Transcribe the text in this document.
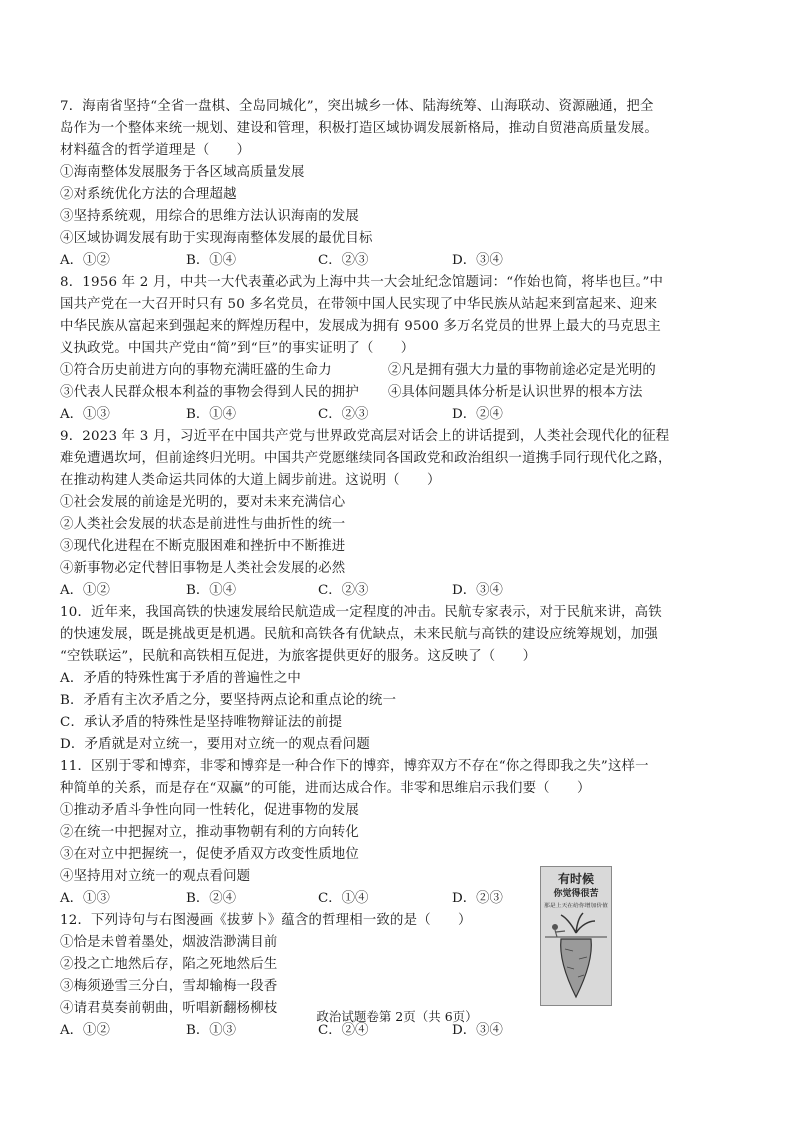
7．海南省坚持“全省一盘棋、全岛同城化”，突出城乡一体、陆海统筹、山海联动、资源融通，把全
岛作为一个整体来统一规划、建设和管理，积极打造区域协调发展新格局，推动自贸港高质量发展。
材料蕴含的哲学道理是（　　）
①海南整体发展服务于各区域高质量发展
②对系统优化方法的合理超越
③坚持系统观，用综合的思维方法认识海南的发展
④区域协调发展有助于实现海南整体发展的最优目标
A．①②	B．①④	C．②③	D．③④
8．1956 年 2 月，中共一大代表董必武为上海中共一大会址纪念馆题词：“作始也简，将毕也巨。”中
国共产党在一大召开时只有 50 多名党员，在带领中国人民实现了中华民族从站起来到富起来、迎来
中华民族从富起来到强起来的辉煌历程中，发展成为拥有 9500 多万名党员的世界上最大的马克思主
义执政党。中国共产党由“简”到“巨”的事实证明了（　　）
①符合历史前进方向的事物充满旺盛的生命力	②凡是拥有强大力量的事物前途必定是光明的
③代表人民群众根本利益的事物会得到人民的拥护 ④具体问题具体分析是认识世界的根本方法
A．①③	B．①④	C．②③	D．②④
9．2023 年 3 月，习近平在中国共产党与世界政党高层对话会上的讲话提到，人类社会现代化的征程
难免遭遇坎坷，但前途终归光明。中国共产党愿继续同各国政党和政治组织一道携手同行现代化之路，
在推动构建人类命运共同体的大道上阔步前进。这说明（　　）
①社会发展的前途是光明的，要对未来充满信心
②人类社会发展的状态是前进性与曲折性的统一
③现代化进程在不断克服困难和挫折中不断推进
④新事物必定代替旧事物是人类社会发展的必然
A．①②	B．①④	C．②③	D．③④
10．近年来，我国高铁的快速发展给民航造成一定程度的冲击。民航专家表示，对于民航来讲，高铁
的快速发展，既是挑战更是机遇。民航和高铁各有优缺点，未来民航与高铁的建设应统筹规划，加强
“空铁联运”，民航和高铁相互促进，为旅客提供更好的服务。这反映了（　　）
A．矛盾的特殊性寓于矛盾的普遍性之中
B．矛盾有主次矛盾之分，要坚持两点论和重点论的统一
C．承认矛盾的特殊性是坚持唯物辩证法的前提
D．矛盾就是对立统一，要用对立统一的观点看问题
11．区别于零和博弈，非零和博弈是一种合作下的博弈，博弈双方不存在“你之得即我之失”这样一
种简单的关系，而是存在“双赢”的可能，进而达成合作。非零和思维启示我们要（　　）
①推动矛盾斗争性向同一性转化，促进事物的发展
②在统一中把握对立，推动事物朝有利的方向转化
③在对立中把握统一，促使矛盾双方改变性质地位
④坚持用对立统一的观点看问题
A．①③	B．②④	C．①④	D．②③
12．下列诗句与右图漫画《拔萝卜》蕴含的哲理相一致的是（　　）
①恰是未曾着墨处，烟波浩渺满目前
②投之亡地然后存，陷之死地然后生
③梅须逊雪三分白，雪却输梅一段香
④请君莫奏前朝曲，听唱新翻杨柳枝
A．①②	B．①③	C．②④	D．③④
有时候
你觉得很苦
那是上天在给你增加价值
政治试题卷第 2页（共 6页）
